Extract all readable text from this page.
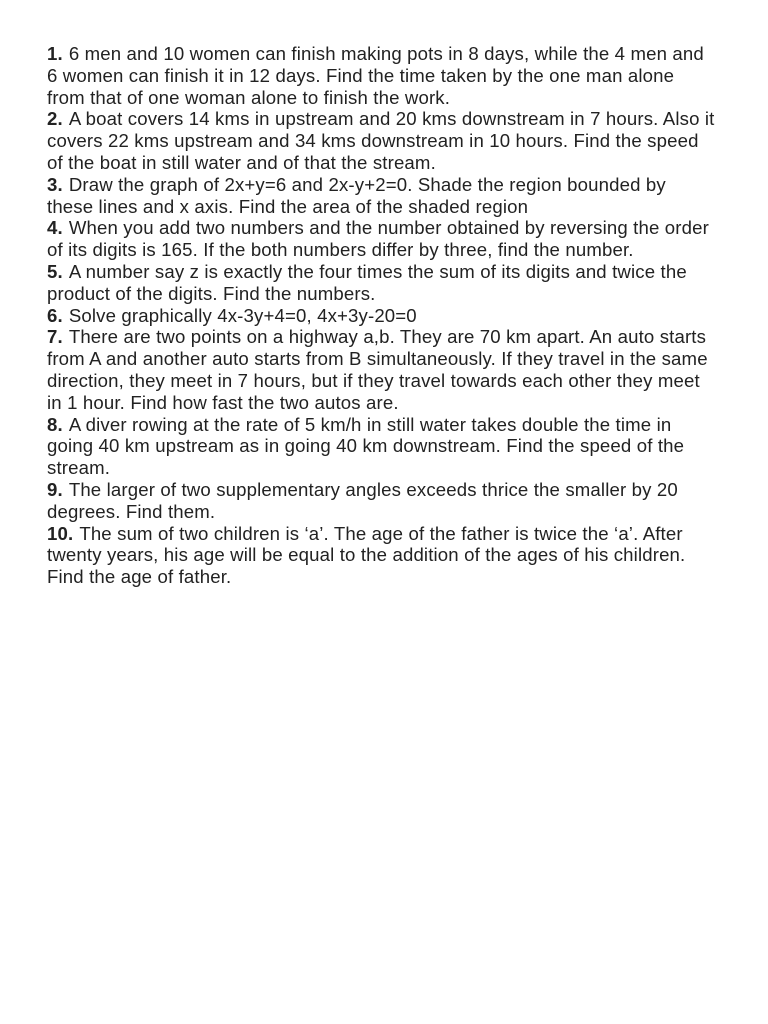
1. 6 men and 10 women can finish making pots in 8 days, while the 4 men and 6 women can finish it in 12 days. Find the time taken by the one man alone from that of one woman alone to finish the work.

2. A boat covers 14 kms in upstream and 20 kms downstream in 7 hours. Also it covers 22 kms upstream and 34 kms downstream in 10 hours. Find the speed of the boat in still water and of that the stream.

3. Draw the graph of 2x+y=6 and 2x-y+2=0. Shade the region bounded by these lines and x axis. Find the area of the shaded region

4. When you add two numbers and the number obtained by reversing the order of its digits is 165. If the both numbers differ by three, find the number.

5. A number say z is exactly the four times the sum of its digits and twice the product of the digits. Find the numbers.

6. Solve graphically 4x-3y+4=0, 4x+3y-20=0

7. There are two points on a highway a,b. They are 70 km apart. An auto starts from A and another auto starts from B simultaneously. If they travel in the same direction, they meet in 7 hours, but if they travel towards each other they meet in 1 hour. Find how fast the two autos are.

8. A diver rowing at the rate of 5 km/h in still water takes double the time in going 40 km upstream as in going 40 km downstream. Find the speed of the stream.

9. The larger of two supplementary angles exceeds thrice the smaller by 20 degrees. Find them.

10. The sum of two children is ‘a’. The age of the father is twice the ‘a’. After twenty years, his age will be equal to the addition of the ages of his children. Find the age of father.
